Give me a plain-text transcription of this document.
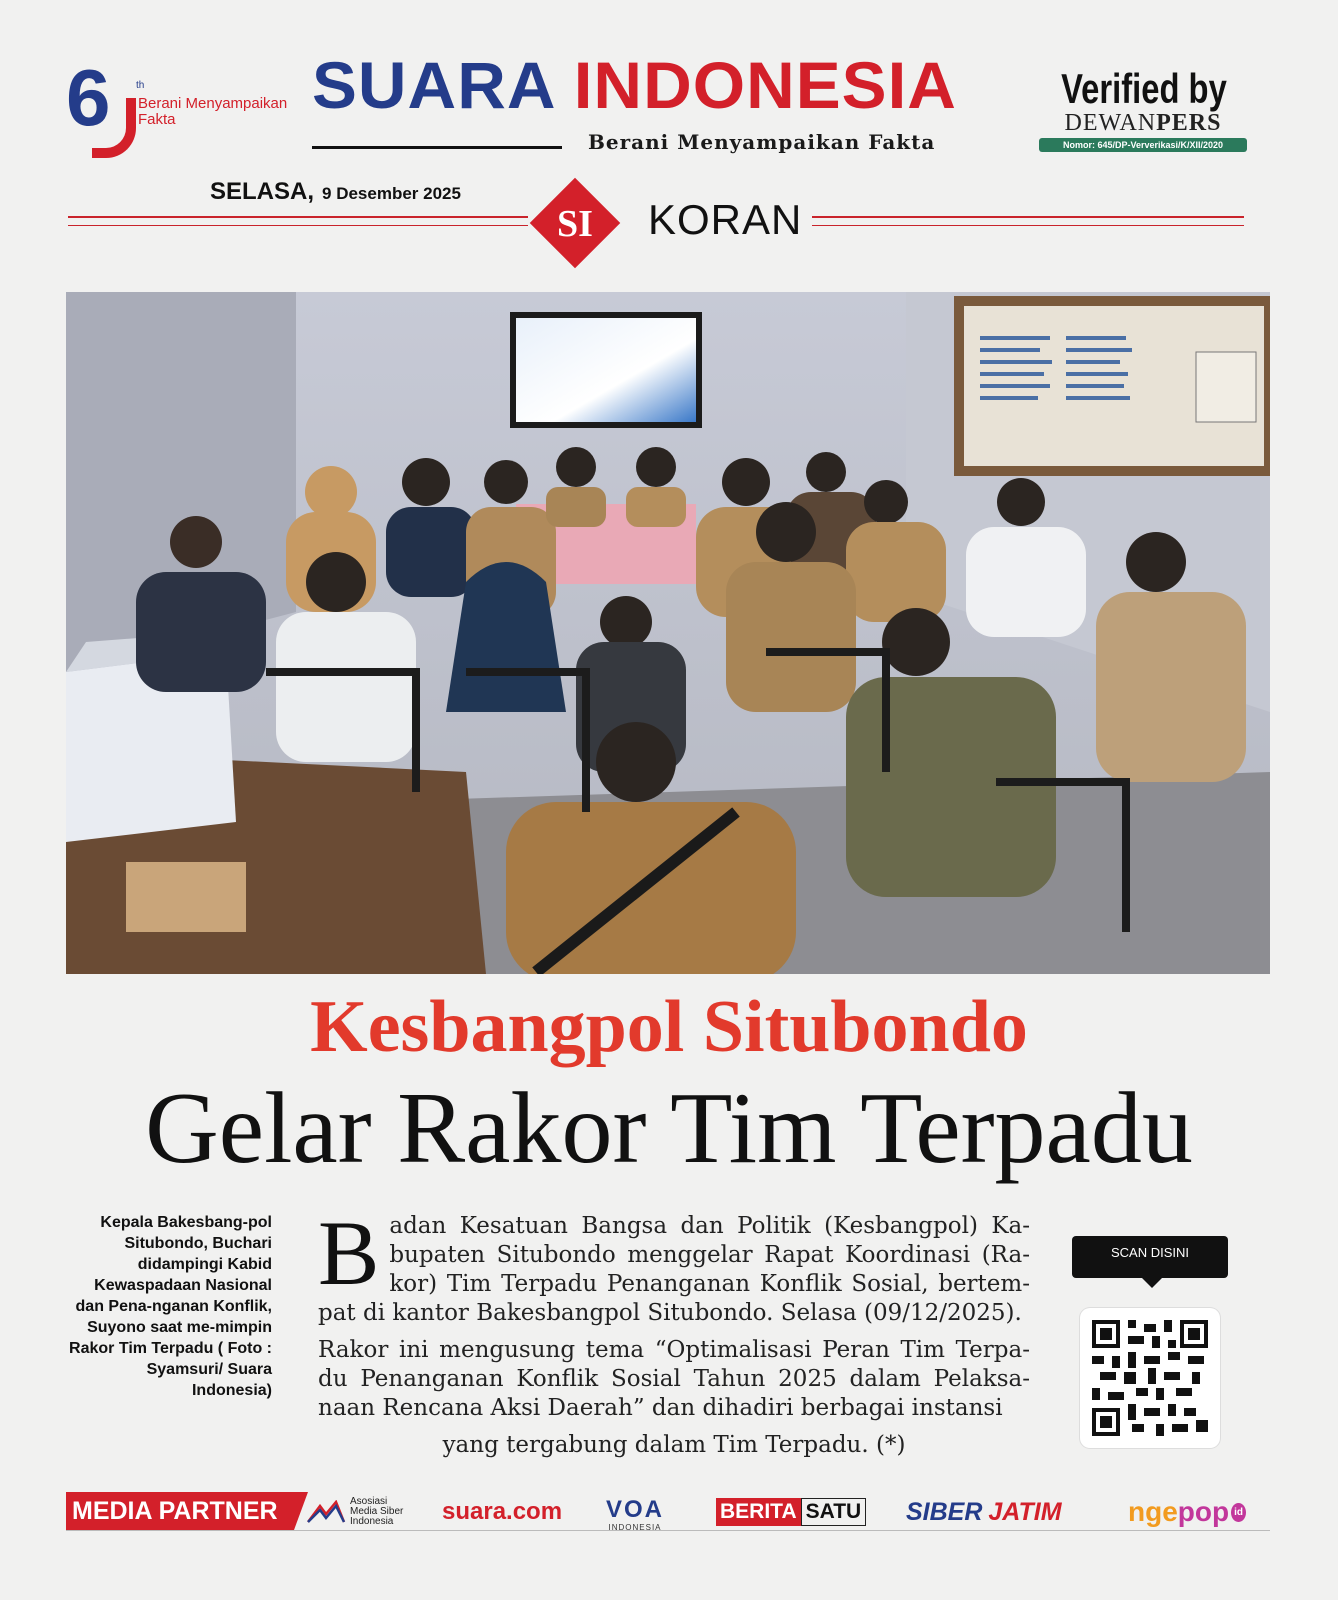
6	th
Berani Menyampaikan Fakta	SUARA INDONESIA
Berani Menyampaikan Fakta
Verified by
DEWANPERS
Nomor: 645/DP-Ververikasi/K/XII/2020
SELASA, 9 Desember 2025
SI	KORAN
Kesbangpol Situbondo
Gelar Rakor Tim Terpadu
Kepala Bakesbang-pol Situbondo, Buchari didampingi Kabid Kewaspadaan Nasional dan Pena-nganan Konflik, Suyono saat me-mimpin Rakor Tim Terpadu ( Foto : Syamsuri/ Suara Indonesia)

Badan Kesatuan Bangsa dan Politik (Kesbangpol) Ka-bupaten Situbondo menggelar Rapat Koordinasi (Ra-kor) Tim Terpadu Penanganan Konflik Sosial, bertem-pat di kantor Bakesbangpol Situbondo. Selasa (09/12/2025).

Rakor ini mengusung tema “Optimalisasi Peran Tim Terpa-du Penanganan Konflik Sosial Tahun 2025 dalam Pelaksa-naan Rencana Aksi Daerah” dan dihadiri berbagai instansi

yang tergabung dalam Tim Terpadu. (*)

SCAN DISINI
MEDIA PARTNER	Asosiasi
Media Siber
Indonesia	suara.com VOA
INDONESIA
BERITA SATU SIBER JATIM nge pop id
